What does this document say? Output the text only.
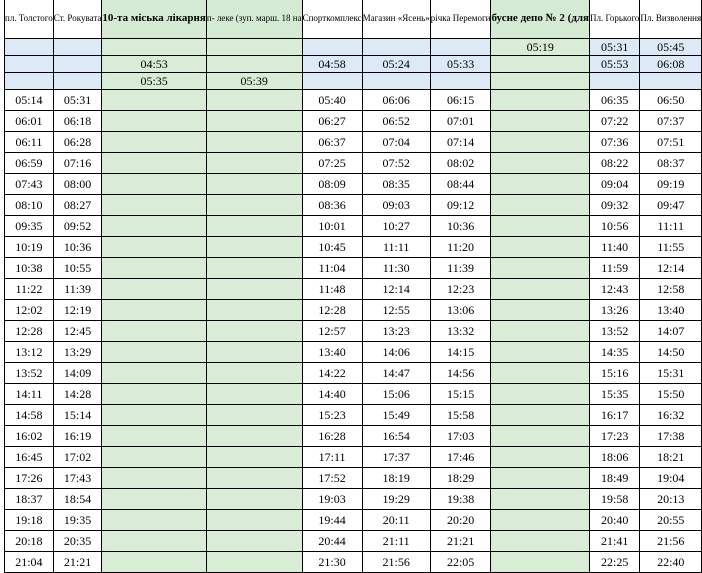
пл. Толстого	Ст. Рокувата	10-та міська лікарня	п- леке (зуп. марш. 18 на	Спорткомплекс	Магазин «Ясень»	річка Перемоги	бусне депо № 2 (для	Пл. Горького	Пл. Визволення
							05:19	05:31	05:45
		04:53		04:58	05:24	05:33		05:53	06:08
		05:35	05:39						
05:14	05:31			05:40	06:06	06:15		06:35	06:50
06:01	06:18			06:27	06:52	07:01		07:22	07:37
06:11	06:28			06:37	07:04	07:14		07:36	07:51
06:59	07:16			07:25	07:52	08:02		08:22	08:37
07:43	08:00			08:09	08:35	08:44		09:04	09:19
08:10	08:27			08:36	09:03	09:12		09:32	09:47
09:35	09:52			10:01	10:27	10:36		10:56	11:11
10:19	10:36			10:45	11:11	11:20		11:40	11:55
10:38	10:55			11:04	11:30	11:39		11:59	12:14
11:22	11:39			11:48	12:14	12:23		12:43	12:58
12:02	12:19			12:28	12:55	13:06		13:26	13:40
12:28	12:45			12:57	13:23	13:32		13:52	14:07
13:12	13:29			13:40	14:06	14:15		14:35	14:50
13:52	14:09			14:22	14:47	14:56		15:16	15:31
14:11	14:28			14:40	15:06	15:15		15:35	15:50
14:58	15:14			15:23	15:49	15:58		16:17	16:32
16:02	16:19			16:28	16:54	17:03		17:23	17:38
16:45	17:02			17:11	17:37	17:46		18:06	18:21
17:26	17:43			17:52	18:19	18:29		18:49	19:04
18:37	18:54			19:03	19:29	19:38		19:58	20:13
19:18	19:35			19:44	20:11	20:20		20:40	20:55
20:18	20:35			20:44	21:11	21:21		21:41	21:56
21:04	21:21			21:30	21:56	22:05		22:25	22:40
